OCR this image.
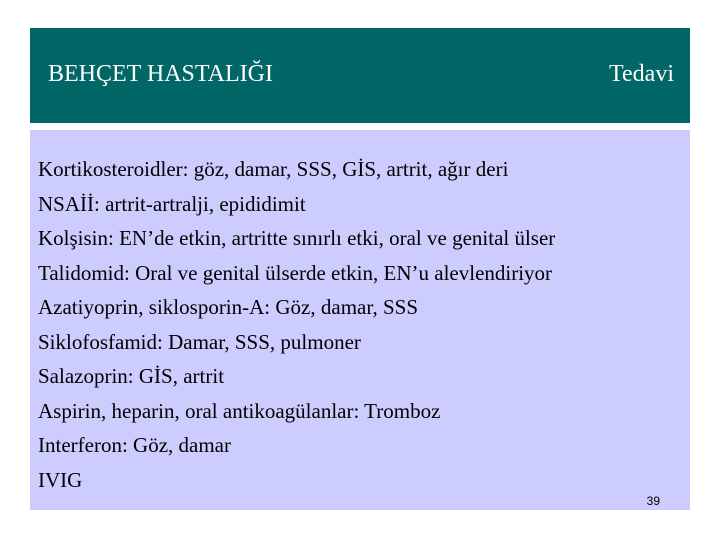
BEHÇET HASTALIĞI	Tedavi
Kortikosteroidler: göz, damar, SSS, GİS, artrit, ağır deri
NSAİİ: artrit-artralji, epididimit
Kolşisin: EN’de etkin, artritte sınırlı etki, oral ve genital ülser
Talidomid: Oral ve genital ülserde etkin, EN’u alevlendiriyor
Azatiyoprin, siklosporin-A: Göz, damar, SSS
Siklofosfamid: Damar, SSS, pulmoner
Salazoprin: GİS, artrit
Aspirin, heparin, oral antikoagülanlar: Tromboz
Interferon: Göz, damar
IVIG
39
